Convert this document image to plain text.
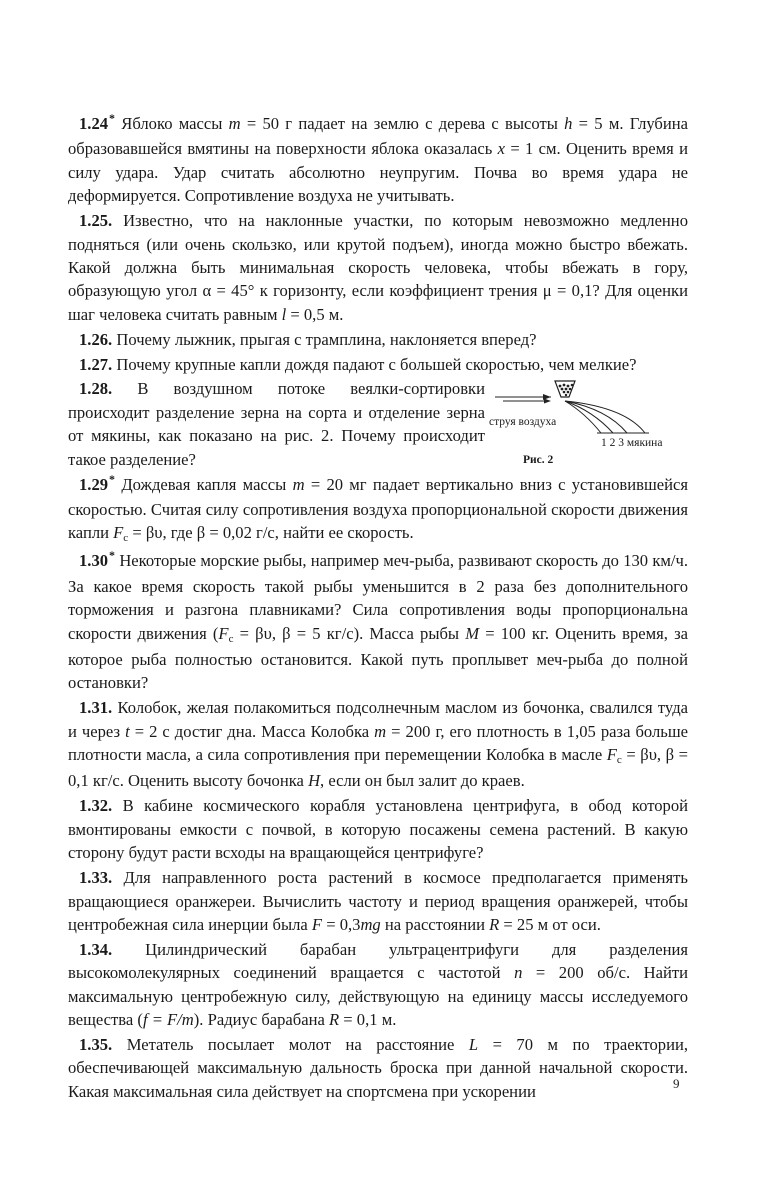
1.24* Яблоко массы m = 50 г падает на землю с дерева с высоты h = 5 м. Глубина образовавшейся вмятины на поверхности яблока оказалась x = 1 см. Оценить время и силу удара. Удар считать абсолютно неупругим. Почва во время удара не деформируется. Сопротивление воздуха не учитывать.

1.25. Известно, что на наклонные участки, по которым невозможно медленно подняться (или очень скользко, или крутой подъем), иногда можно быстро вбежать. Какой должна быть минимальная скорость человека, чтобы вбежать в гору, образующую угол α = 45° к горизонту, если коэффициент трения μ = 0,1? Для оценки шаг человека считать равным l = 0,5 м.

1.26. Почему лыжник, прыгая с трамплина, наклоняется вперед?

1.27. Почему крупные капли дождя падают с большей скоростью, чем мелкие?

1.28. В воздушном потоке веялки-сортировки происходит разделение зерна на сорта и отделение зерна от мякины, как показано на рис. 2. Почему происходит такое разделение?

струя воздуха
1 2 3 мякина
Рис. 2

1.29* Дождевая капля массы m = 20 мг падает вертикально вниз с установившейся скоростью. Считая силу сопротивления воздуха пропорциональной скорости движения капли Fc = βυ, где β = 0,02 г/с, найти ее скорость.

1.30* Некоторые морские рыбы, например меч-рыба, развивают скорость до 130 км/ч. За какое время скорость такой рыбы уменьшится в 2 раза без дополнительного торможения и разгона плавниками? Сила сопротивления воды пропорциональна скорости движения (Fc = βυ, β = 5 кг/с). Масса рыбы M = 100 кг. Оценить время, за которое рыба полностью остановится. Какой путь проплывет меч-рыба до полной остановки?

1.31. Колобок, желая полакомиться подсолнечным маслом из бочонка, свалился туда и через t = 2 с достиг дна. Масса Колобка m = 200 г, его плотность в 1,05 раза больше плотности масла, а сила сопротивления при перемещении Колобка в масле Fc = βυ, β = 0,1 кг/с. Оценить высоту бочонка H, если он был залит до краев.

1.32. В кабине космического корабля установлена центрифуга, в обод которой вмонтированы емкости с почвой, в которую посажены семена растений. В какую сторону будут расти всходы на вращающейся центрифуге?

1.33. Для направленного роста растений в космосе предполагается применять вращающиеся оранжереи. Вычислить частоту и период вращения оранжерей, чтобы центробежная сила инерции была F = 0,3mg на расстоянии R = 25 м от оси.

1.34. Цилиндрический барабан ультрацентрифуги для разделения высокомолекулярных соединений вращается с частотой n = 200 об/с. Найти максимальную центробежную силу, действующую на единицу массы исследуемого вещества (f = F/m). Радиус барабана R = 0,1 м.

1.35. Метатель посылает молот на расстояние L = 70 м по траектории, обеспечивающей максимальную дальность броска при данной начальной скорости. Какая максимальная сила действует на спортсмена при ускорении	9
